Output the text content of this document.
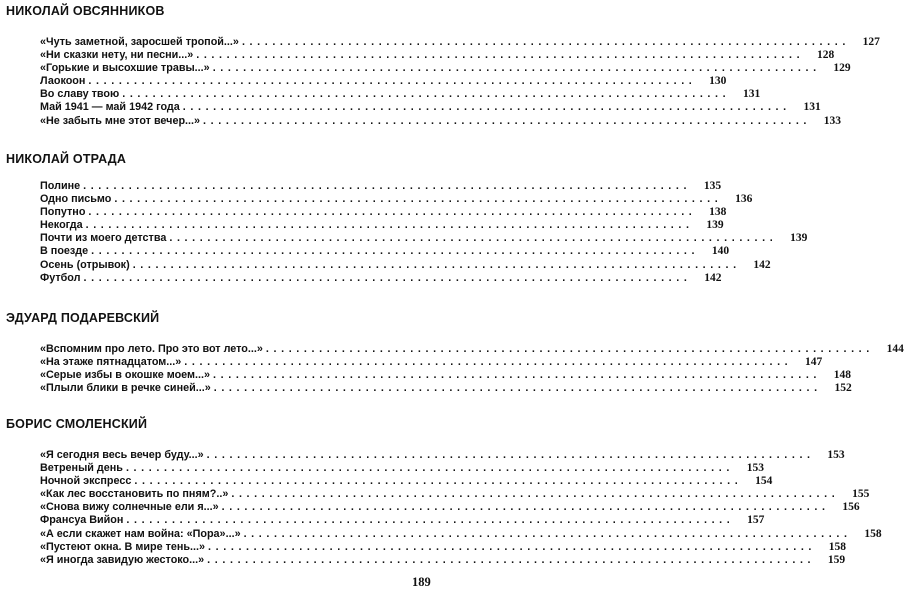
НИКОЛАЙ ОВСЯННИКОВ
«Чуть заметной, заросшей тропой...» ................................................................................	127
«Ни сказки нету, ни песни...» ................................................................................	128
«Горькие и высохшие травы...» ................................................................................	129
Лаокоон ................................................................................	130
Во славу твою ................................................................................	131
Май 1941 — май 1942 года ................................................................................	131
«Не забыть мне этот вечер...» ................................................................................	133
НИКОЛАЙ ОТРАДА
Полине ................................................................................	135
Одно письмо ................................................................................	136
Попутно ................................................................................	138
Некогда ................................................................................	139
Почти из моего детства ................................................................................	139
В поезде ................................................................................	140
Осень (отрывок) ................................................................................	142
Футбол ................................................................................	142
ЭДУАРД ПОДАРЕВСКИЙ
«Вспомним про лето. Про это вот лето...» ................................................................................	144
«На этаже пятнадцатом...» ................................................................................	147
«Серые избы в окошке моем...» ................................................................................	148
«Плыли блики в речке синей...» ................................................................................	152
БОРИС СМОЛЕНСКИЙ
«Я сегодня весь вечер буду...» ................................................................................	153
Ветреный день ................................................................................	153
Ночной экспресс ................................................................................	154
«Как лес восстановить по пням?..» ................................................................................	155
«Снова вижу солнечные ели я...» ................................................................................	156
Франсуа Вийон ................................................................................	157
«А если скажет нам война: «Пора»...» ................................................................................	158
«Пустеют окна. В мире тень...» ................................................................................	158
«Я иногда завидую жестоко...» ................................................................................	159
189
